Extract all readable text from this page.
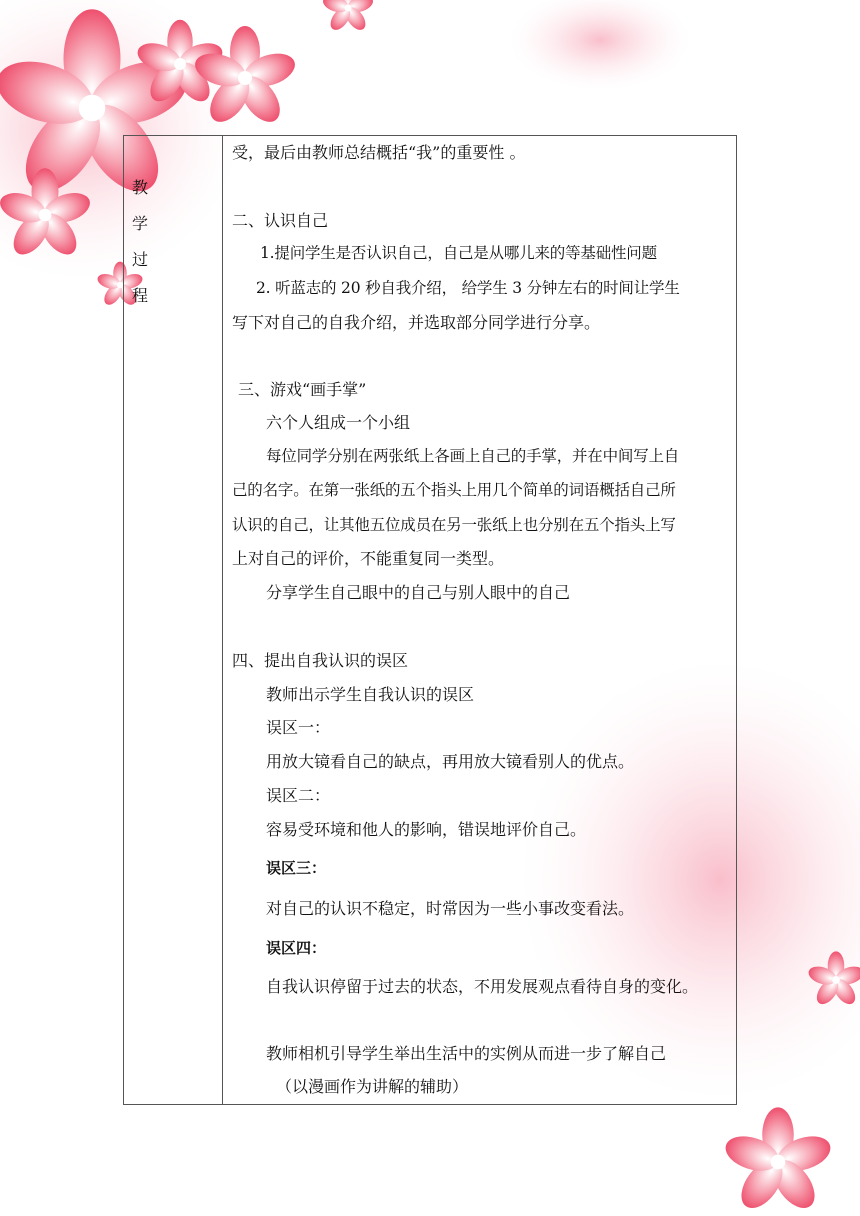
教
学
过
程
受，最后由教师总结概括“我”的重要性 。
二、认识自己
1.提问学生是否认识自己，自己是从哪儿来的等基础性问题
2. 听蓝志的 20 秒自我介绍， 给学生 3 分钟左右的时间让学生
写下对自己的自我介绍，并选取部分同学进行分享。
三、游戏“画手掌”
六个人组成一个小组
每位同学分别在两张纸上各画上自己的手掌，并在中间写上自
己的名字。在第一张纸的五个指头上用几个简单的词语概括自己所
认识的自己，让其他五位成员在另一张纸上也分别在五个指头上写
上对自己的评价，不能重复同一类型。
分享学生自己眼中的自己与别人眼中的自己
四、提出自我认识的误区
教师出示学生自我认识的误区
误区一：
用放大镜看自己的缺点，再用放大镜看别人的优点。
误区二：
容易受环境和他人的影响，错误地评价自己。
误区三：
对自己的认识不稳定，时常因为一些小事改变看法。
误区四：
自我认识停留于过去的状态，不用发展观点看待自身的变化。
教师相机引导学生举出生活中的实例从而进一步了解自己
（以漫画作为讲解的辅助）
